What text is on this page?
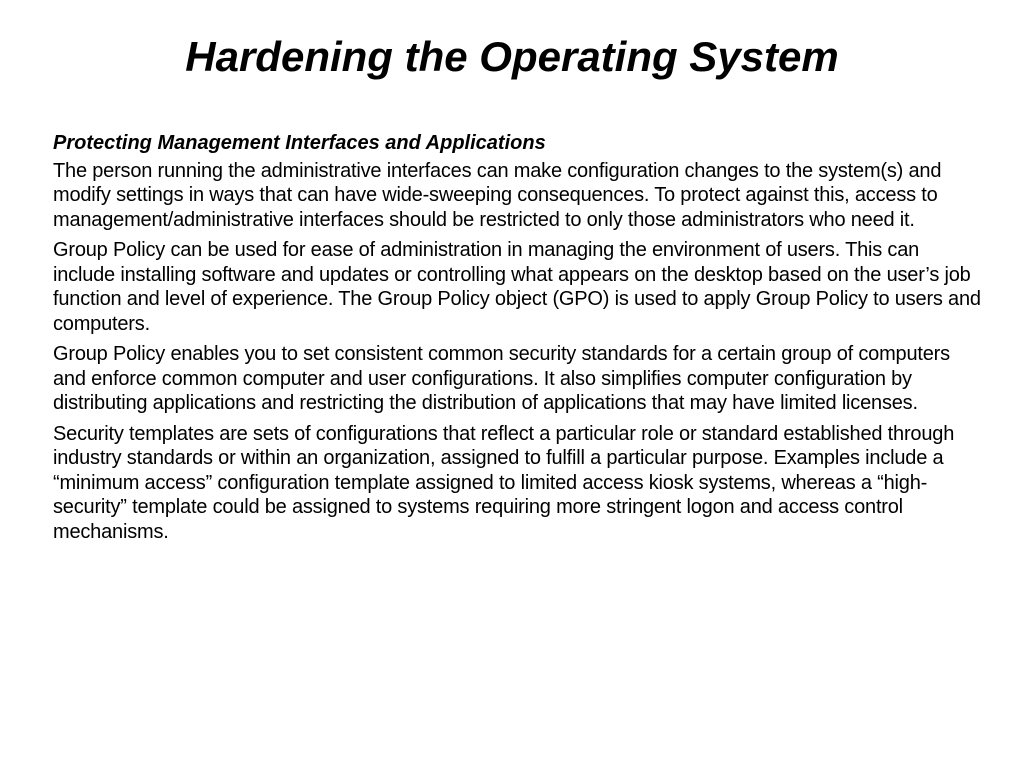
Hardening the Operating System

Protecting Management Interfaces and Applications

The person running the administrative interfaces can make configuration changes to the system(s) and modify settings in ways that can have wide-sweeping consequences. To protect against this, access to management/administrative interfaces should be restricted to only those administrators who need it.

Group Policy can be used for ease of administration in managing the environment of users. This can include installing software and updates or controlling what appears on the desktop based on the user’s job function and level of experience. The Group Policy object (GPO) is used to apply Group Policy to users and computers.

Group Policy enables you to set consistent common security standards for a certain group of computers and enforce common computer and user configurations. It also simplifies computer configuration by distributing applications and restricting the distribution of applications that may have limited licenses.

Security templates are sets of configurations that reflect a particular role or standard established through industry standards or within an organization, assigned to fulfill a particular purpose. Examples include a “minimum access” configuration template assigned to limited access kiosk systems, whereas a “high-security” template could be assigned to systems requiring more stringent logon and access control mechanisms.
